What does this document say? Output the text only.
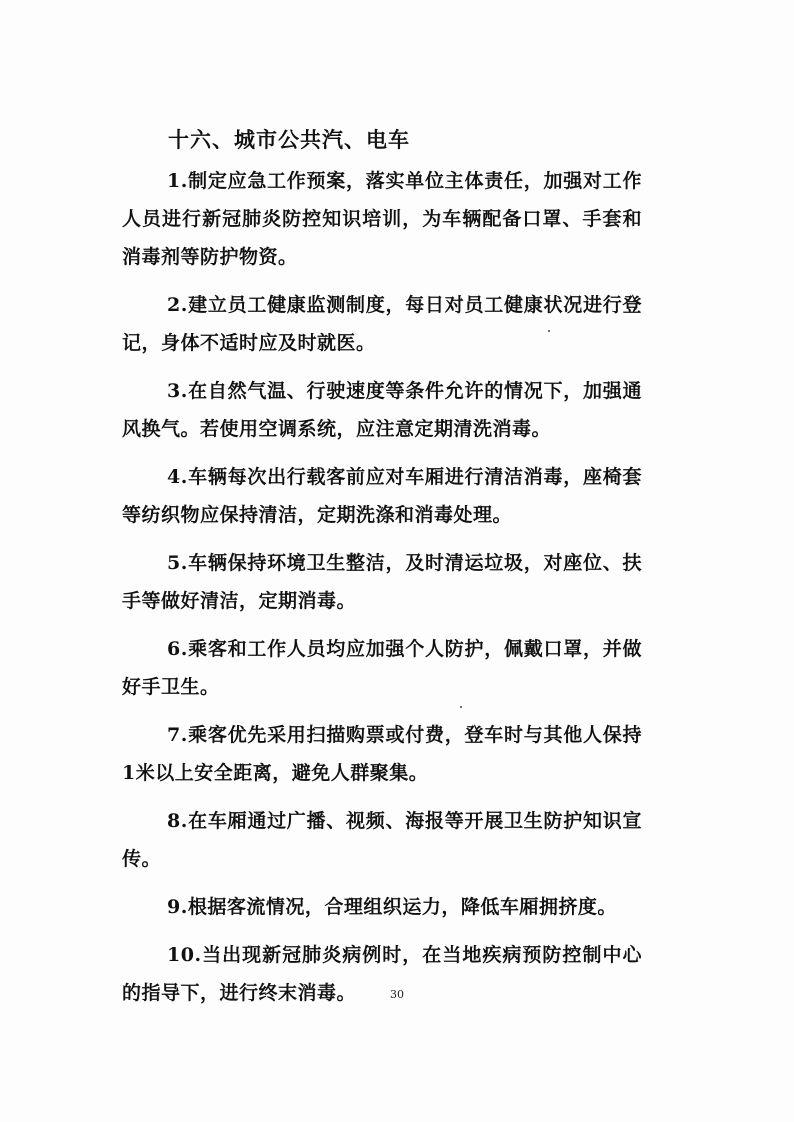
十六、城市公共汽、电车

1.制定应急工作预案，落实单位主体责任，加强对工作人员进行新冠肺炎防控知识培训，为车辆配备口罩、手套和消毒剂等防护物资。

2.建立员工健康监测制度，每日对员工健康状况进行登记，身体不适时应及时就医。

3.在自然气温、行驶速度等条件允许的情况下，加强通风换气。若使用空调系统，应注意定期清洗消毒。

4.车辆每次出行载客前应对车厢进行清洁消毒，座椅套等纺织物应保持清洁，定期洗涤和消毒处理。

5.车辆保持环境卫生整洁，及时清运垃圾，对座位、扶手等做好清洁，定期消毒。

6.乘客和工作人员均应加强个人防护，佩戴口罩，并做好手卫生。

7.乘客优先采用扫描购票或付费，登车时与其他人保持1米以上安全距离，避免人群聚集。

8.在车厢通过广播、视频、海报等开展卫生防护知识宣传。

9.根据客流情况，合理组织运力，降低车厢拥挤度。

10.当出现新冠肺炎病例时，在当地疾病预防控制中心的指导下，进行终末消毒。	30
